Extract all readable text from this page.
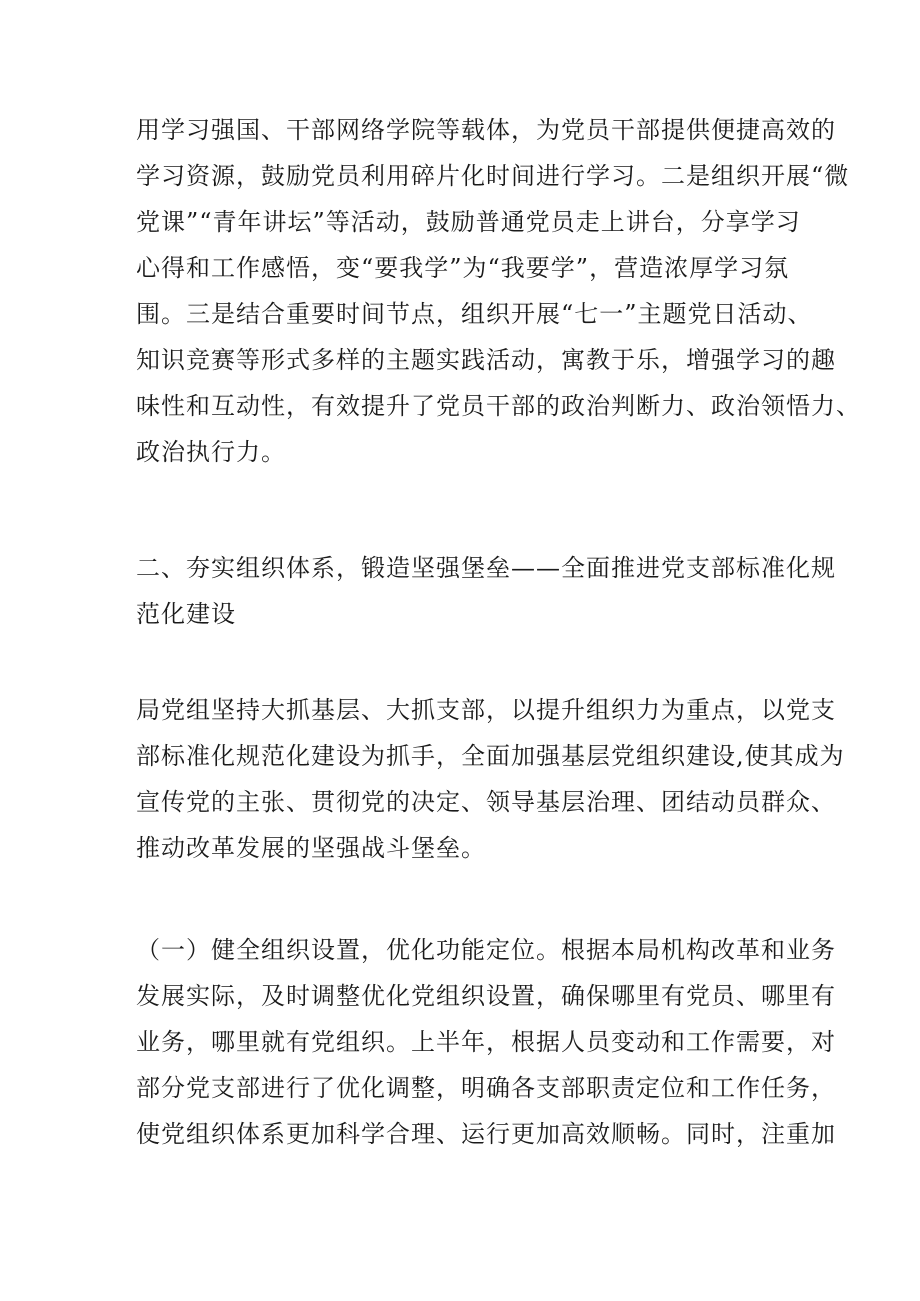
用学习强国、干部网络学院等载体，为党员干部提供便捷高效的

学习资源，鼓励党员利用碎片化时间进行学习。二是组织开展“微

党课”“青年讲坛”等活动，鼓励普通党员走上讲台，分享学习

心得和工作感悟，变“要我学”为“我要学”，营造浓厚学习氛

围。三是结合重要时间节点，组织开展“七一”主题党日活动、

知识竞赛等形式多样的主题实践活动，寓教于乐，增强学习的趣

味性和互动性，有效提升了党员干部的政治判断力、政治领悟力、

政治执行力。

二、夯实组织体系，锻造坚强堡垒——全面推进党支部标准化规

范化建设

局党组坚持大抓基层、大抓支部，以提升组织力为重点，以党支

部标准化规范化建设为抓手，全面加强基层党组织建设,使其成为

宣传党的主张、贯彻党的决定、领导基层治理、团结动员群众、

推动改革发展的坚强战斗堡垒。

（一）健全组织设置，优化功能定位。根据本局机构改革和业务

发展实际，及时调整优化党组织设置，确保哪里有党员、哪里有

业务，哪里就有党组织。上半年，根据人员变动和工作需要，对

部分党支部进行了优化调整，明确各支部职责定位和工作任务，

使党组织体系更加科学合理、运行更加高效顺畅。同时，注重加
